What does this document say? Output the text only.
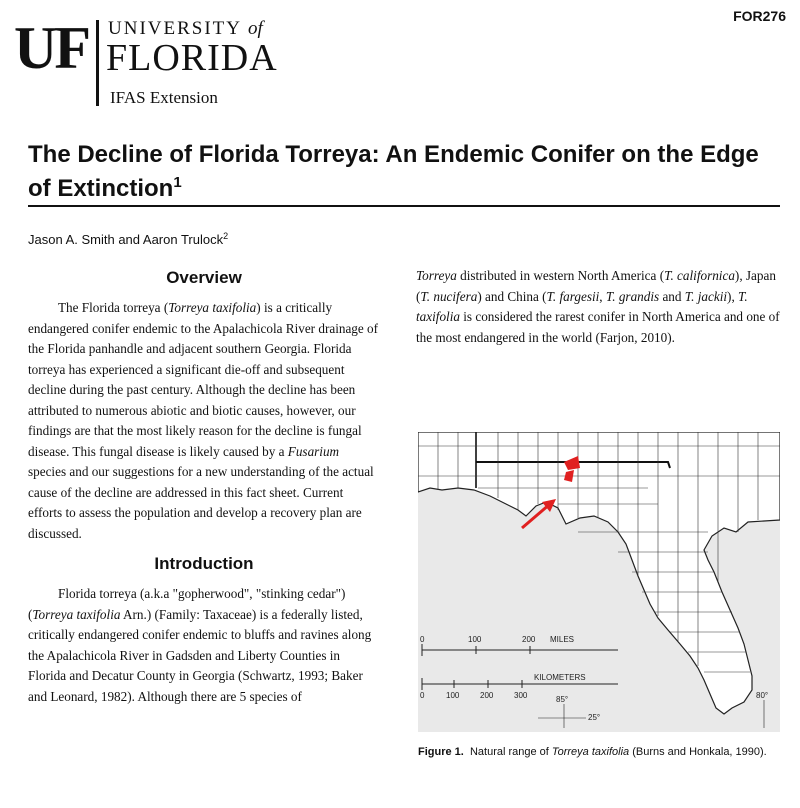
UF UNIVERSITY of
FLORIDA
IFAS Extension
FOR276
The Decline of Florida Torreya: An Endemic Conifer on the Edge of Extinction$^1$
Jason A. Smith and Aaron Trulock$^2$
Overview

The Florida torreya (Torreya taxifolia) is a critically endangered conifer endemic to the Apalachicola River drainage of the Florida panhandle and adjacent southern Georgia. Florida torreya has experienced a significant die-off and subsequent decline during the past century. Although the decline has been attributed to numerous abiotic and biotic causes, however, our findings are that the most likely reason for the decline is fungal disease. This fungal disease is likely caused by a Fusarium species and our suggestions for a new understanding of the actual cause of the decline are addressed in this fact sheet. Current efforts to assess the population and develop a recovery plan are discussed.

Introduction

Florida torreya (a.k.a "gopherwood", "stinking cedar") (Torreya taxifolia Arn.) (Family: Taxaceae) is a federally listed, critically endangered conifer endemic to bluffs and ravines along the Apalachicola River in Gadsden and Liberty Counties in Florida and Decatur County in Georgia (Schwartz, 1993; Baker and Leonard, 1982). Although there are 5 species of

Torreya distributed in western North America (T. californica), Japan (T. nucifera) and China (T. fargesii, T. grandis and T. jackii), T. taxifolia is considered the rarest conifer in North America and one of the most endangered in the world (Farjon, 2010).

0	100	200 MILES
0	100	200	300
KILOMETERS
85°
25°
80°
Figure 1. Natural range of Torreya taxifolia (Burns and Honkala, 1990).
